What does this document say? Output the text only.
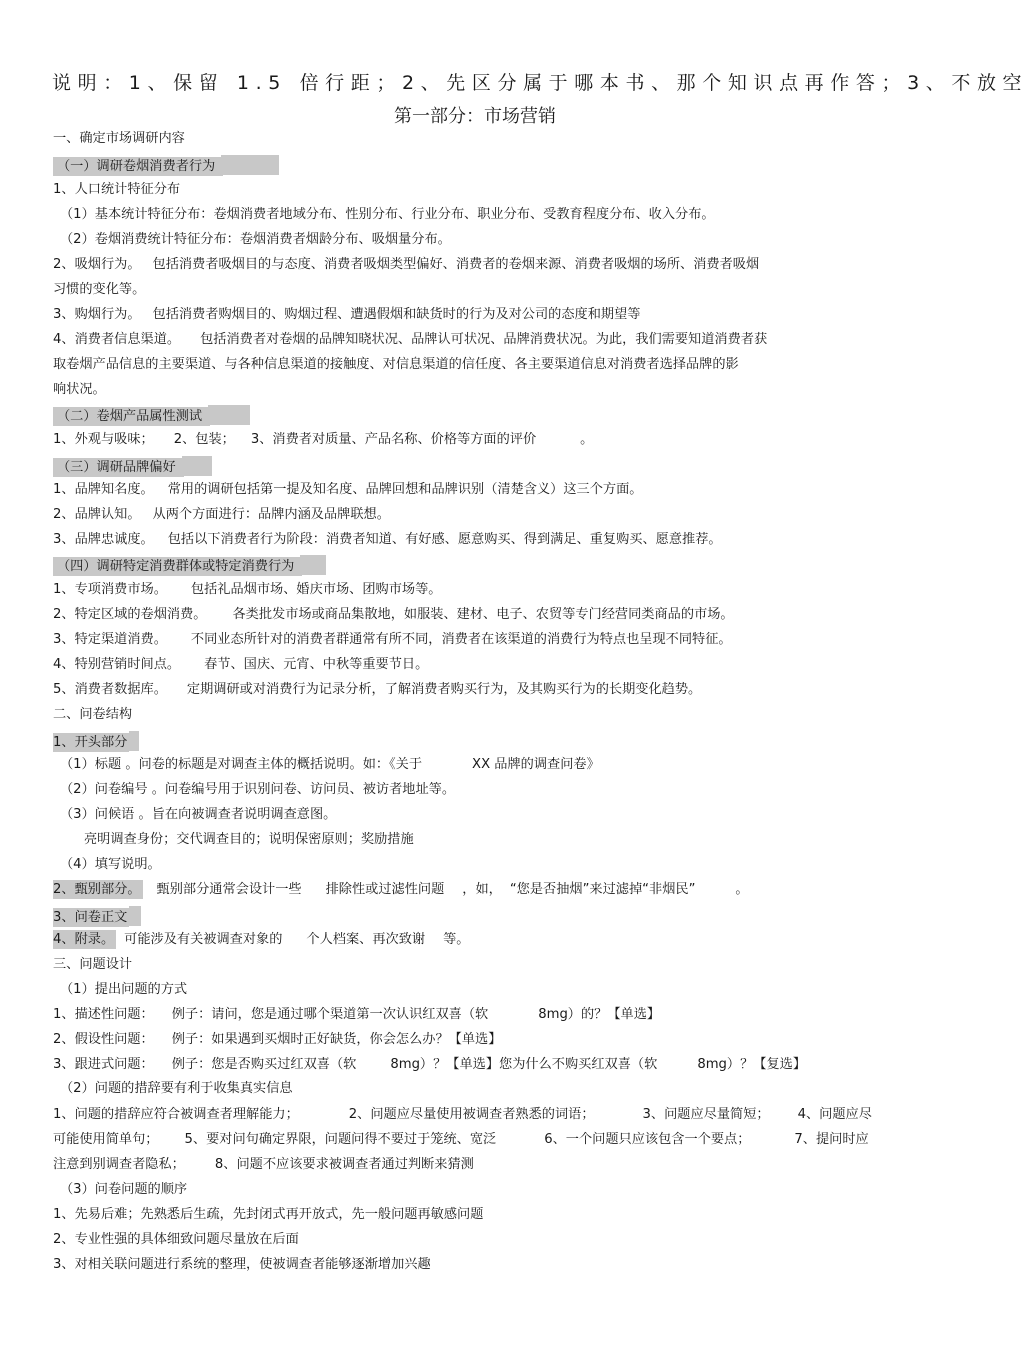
说明：1、保留 1.5 倍行距；2、先区分属于哪本书、那个知识点再作答；3、不放空
第一部分：市场营销
一、确定市场调研内容
（一）调研卷烟消费者行为
1、人口统计特征分布
（1）基本统计特征分布：卷烟消费者地域分布、性别分布、行业分布、职业分布、受教育程度分布、收入分布。
（2）卷烟消费统计特征分布：卷烟消费者烟龄分布、吸烟量分布。
2、吸烟行为。 包括消费者吸烟目的与态度、消费者吸烟类型偏好、消费者的卷烟来源、消费者吸烟的场所、消费者吸烟
习惯的变化等。
3、购烟行为。 包括消费者购烟目的、购烟过程、遭遇假烟和缺货时的行为及对公司的态度和期望等
4、消费者信息渠道。 包括消费者对卷烟的品牌知晓状况、品牌认可状况、品牌消费状况。为此，我们需要知道消费者获
取卷烟产品信息的主要渠道、与各种信息渠道的接触度、对信息渠道的信任度、各主要渠道信息对消费者选择品牌的影
响状况。
（二）卷烟产品属性测试
1、外观与吸味； 2、包装； 3、消费者对质量、产品名称、价格等方面的评价	。
（三）调研品牌偏好
1、品牌知名度。 常用的调研包括第一提及知名度、品牌回想和品牌识别（清楚含义）这三个方面。
2、品牌认知。 从两个方面进行：品牌内涵及品牌联想。
3、品牌忠诚度。 包括以下消费者行为阶段：消费者知道、有好感、愿意购买、得到满足、重复购买、愿意推荐。
（四）调研特定消费群体或特定消费行为
1、专项消费市场。 包括礼品烟市场、婚庆市场、团购市场等。
2、特定区域的卷烟消费。 各类批发市场或商品集散地，如服装、建材、电子、农贸等专门经营同类商品的市场。
3、特定渠道消费。 不同业态所针对的消费者群通常有所不同，消费者在该渠道的消费行为特点也呈现不同特征。
4、特别营销时间点。 春节、国庆、元宵、中秋等重要节日。
5、消费者数据库。 定期调研或对消费行为记录分析，了解消费者购买行为，及其购买行为的长期变化趋势。
二、问卷结构
1、开头部分
（1）标题 。问卷的标题是对调查主体的概括说明。如：《关于	XX 品牌的调查问卷》
（2）问卷编号 。问卷编号用于识别问卷、访问员、被访者地址等。
（3）问候语 。旨在向被调查者说明调查意图。
亮明调查身份；交代调查目的；说明保密原则；奖励措施
（4）填写说明。
2、甄别部分。 甄别部分通常会设计一些 排除性或过滤性问题 ，如， “您是否抽烟”来过滤掉“非烟民”	。
3、问卷正文
4、附录。 可能涉及有关被调查对象的 个人档案、再次致谢 等。
三、问题设计
（1）提出问题的方式
1、描述性问题： 例子：请问，您是通过哪个渠道第一次认识红双喜（软	8mg）的？【单选】
2、假设性问题： 例子：如果遇到买烟时正好缺货，你会怎么办？【单选】
3、跟进式问题： 例子：您是否购买过红双喜（软	8mg）？【单选】您为什么不购买红双喜（软	8mg）？【复选】
（2）问题的措辞要有利于收集真实信息
1、问题的措辞应符合被调查者理解能力；	2、问题应尽量使用被调查者熟悉的词语；	3、问题应尽量简短； 4、问题应尽
可能使用简单句； 5、要对问句确定界限，问题问得不要过于笼统、宽泛	6、一个问题只应该包含一个要点；	7、提问时应
注意到别调查者隐私； 8、问题不应该要求被调查者通过判断来猜测
（3）问卷问题的顺序
1、先易后难；先熟悉后生疏，先封闭式再开放式，先一般问题再敏感问题
2、专业性强的具体细致问题尽量放在后面
3、对相关联问题进行系统的整理，使被调查者能够逐渐增加兴趣
